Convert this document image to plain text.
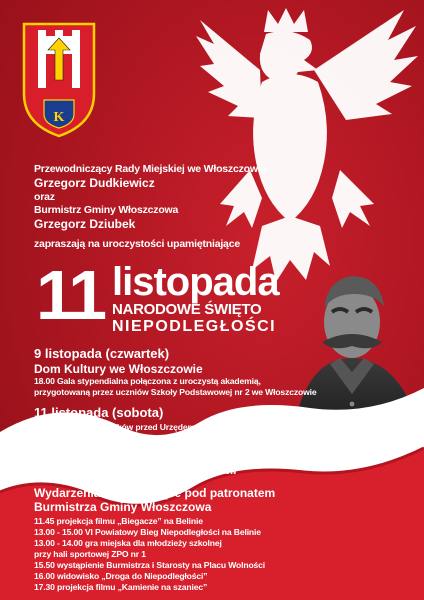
K
Przewodniczący Rady Miejskiej we Włoszczowie
Grzegorz Dudkiewicz
oraz
Burmistrz Gminy Włoszczowa
Grzegorz Dziubek
zapraszają na uroczystości upamiętniające
11 listopada
NARODOWE ŚWIĘTO
NIEPODLEGŁOŚCI
9 listopada (czwartek)
Dom Kultury we Włoszczowie
18.00 Gala stypendialna połączona z uroczystą akademią,
przygotowaną przez uczniów Szkoły Podstawowej nr 2 we Włoszczowie
11 listopada (sobota)
9.40 zbiórka uczestników przed Urzędem Gminy
9.50 wymarsz do Kościoła WNMP we Włoszczowie
10.00 uroczysta msza święta za Ojczyznę
11.15 przemarsz pod Pomnik Niepodległości
11.25 przemówienia Burmistrza i składanie kwiatów
Wydarzenia towarzyszące pod patronatem
Burmistrza Gminy Włoszczowa
11.45 projekcja filmu „Biegacze” na Belinie
13.00 - 15.00 VI Powiatowy Bieg Niepodległości na Belinie
13.00 - 14.00 gra miejska dla młodzieży szkolnej
przy hali sportowej ZPO nr 1
15.50 wystąpienie Burmistrza i Starosty na Placu Wolności
16.00 widowisko „Droga do Niepodległości”
17.30 projekcja filmu „Kamienie na szaniec”
